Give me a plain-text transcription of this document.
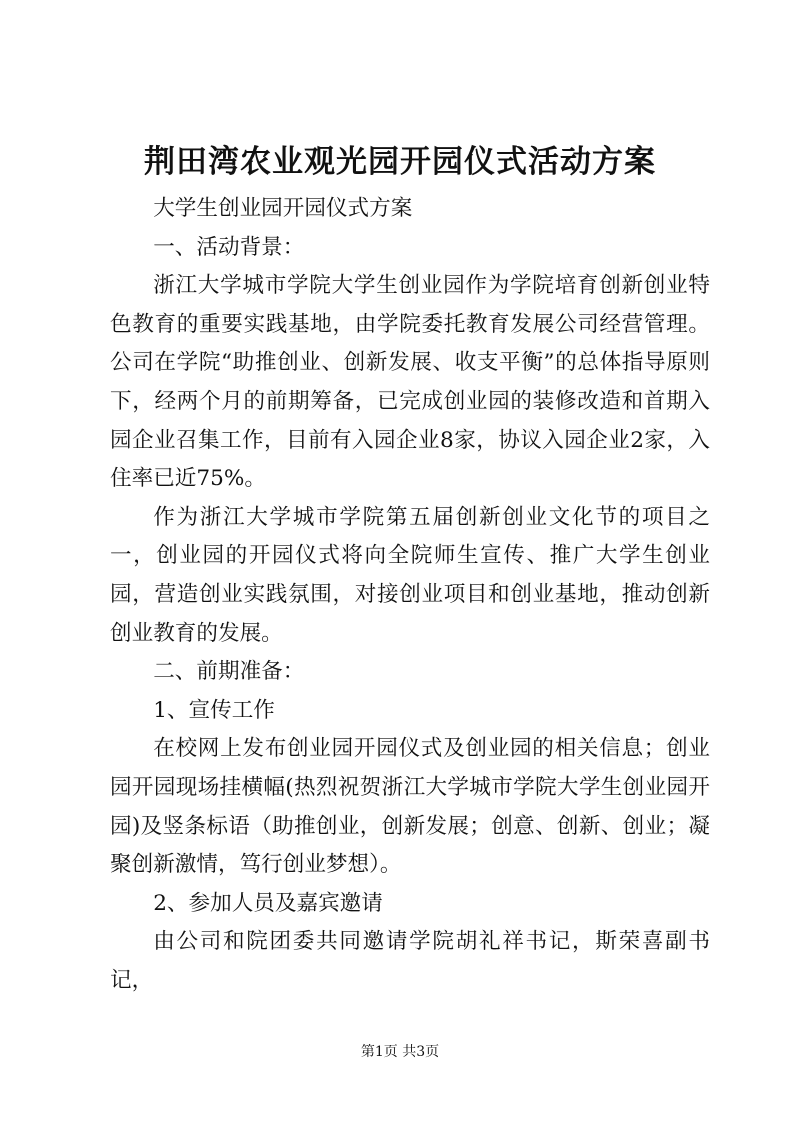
荆田湾农业观光园开园仪式活动方案

大学生创业园开园仪式方案

一、活动背景：

浙江大学城市学院大学生创业园作为学院培育创新创业特色教育的重要实践基地，由学院委托教育发展公司经营管理。公司在学院“助推创业、创新发展、收支平衡”的总体指导原则下，经两个月的前期筹备，已完成创业园的装修改造和首期入园企业召集工作，目前有入园企业8家，协议入园企业2家，入住率已近75%。

作为浙江大学城市学院第五届创新创业文化节的项目之一，创业园的开园仪式将向全院师生宣传、推广大学生创业园，营造创业实践氛围，对接创业项目和创业基地，推动创新创业教育的发展。

二、前期准备：

1、宣传工作

在校网上发布创业园开园仪式及创业园的相关信息；创业园开园现场挂横幅(热烈祝贺浙江大学城市学院大学生创业园开园)及竖条标语（助推创业，创新发展；创意、创新、创业；凝聚创新激情，笃行创业梦想）。

2、参加人员及嘉宾邀请

由公司和院团委共同邀请学院胡礼祥书记，斯荣喜副书记，

第1页 共3页
